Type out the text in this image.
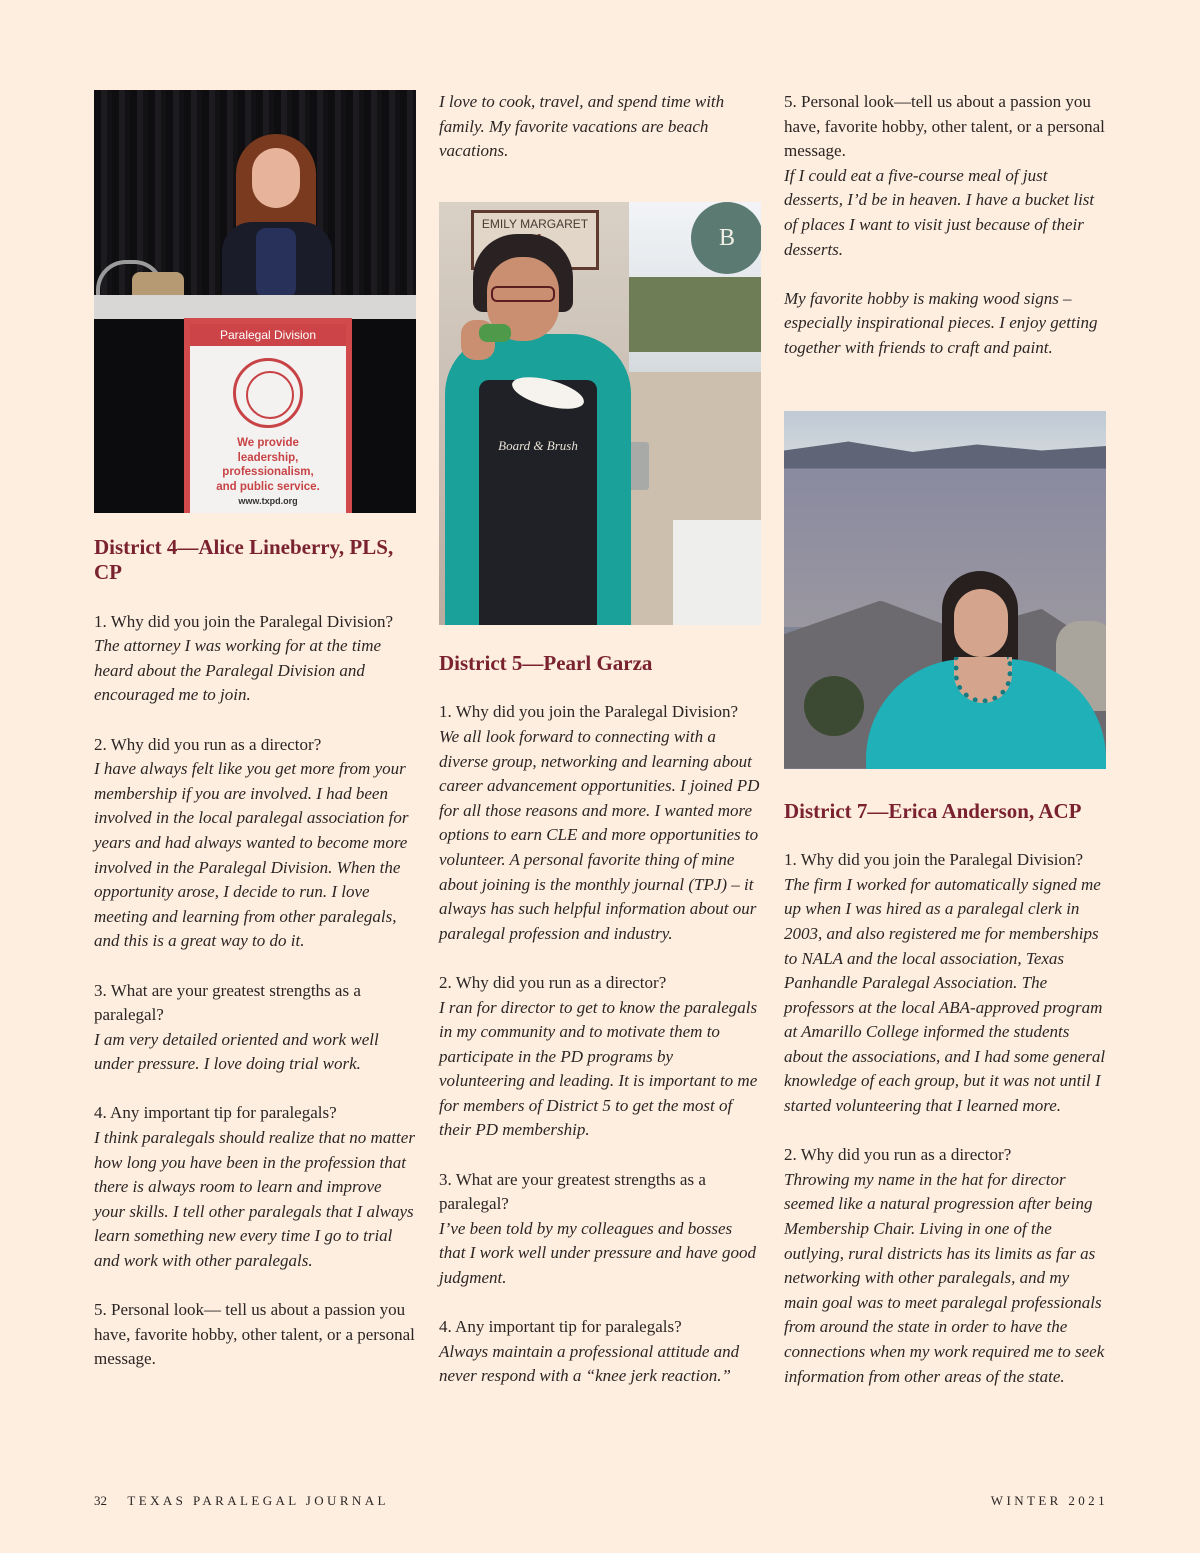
Paralegal Division
We provide
leadership,
professionalism,
and public service.
www.txpd.org
District 4—Alice Lineberry, PLS, CP

1. Why did you join the Paralegal Division?

The attorney I was working for at the time heard about the Paralegal Division and encouraged me to join.

2. Why did you run as a director?

I have always felt like you get more from your membership if you are involved. I had been involved in the local paralegal association for years and had always wanted to become more involved in the Paralegal Division. When the opportunity arose, I decide to run. I love meeting and learning from other paralegals, and this is a great way to do it.

3. What are your greatest strengths as a paralegal?

I am very detailed oriented and work well under pressure. I love doing trial work.

4. Any important tip for paralegals?

I think paralegals should realize that no matter how long you have been in the profession that there is always room to learn and improve your skills. I tell other paralegals that I always learn something new every time I go to trial and work with other paralegals.

5. Personal look— tell us about a passion you have, favorite hobby, other talent, or a personal message.

I love to cook, travel, and spend time with family. My favorite vacations are beach vacations.

EMILY MARGARET
B
Board & Brush
District 5—Pearl Garza

1. Why did you join the Paralegal Division?

We all look forward to connecting with a diverse group, networking and learning about career advancement opportunities. I joined PD for all those reasons and more. I wanted more options to earn CLE and more opportunities to volunteer. A personal favorite thing of mine about joining is the monthly journal (TPJ) – it always has such helpful information about our paralegal profession and industry.

2. Why did you run as a director?

I ran for director to get to know the paralegals in my community and to motivate them to participate in the PD programs by volunteering and leading. It is important to me for members of District 5 to get the most of their PD membership.

3. What are your greatest strengths as a paralegal?

I’ve been told by my colleagues and bosses that I work well under pressure and have good judgment.

4. Any important tip for paralegals?

Always maintain a professional attitude and never respond with a “knee jerk reaction.”

5. Personal look—tell us about a passion you have, favorite hobby, other talent, or a personal message.

If I could eat a five-course meal of just desserts, I’d be in heaven. I have a bucket list of places I want to visit just because of their desserts.

My favorite hobby is making wood signs – especially inspirational pieces. I enjoy getting together with friends to craft and paint.

District 7—Erica Anderson, ACP

1. Why did you join the Paralegal Division?

The firm I worked for automatically signed me up when I was hired as a paralegal clerk in 2003, and also registered me for memberships to NALA and the local association, Texas Panhandle Paralegal Association. The professors at the local ABA-approved program at Amarillo College informed the students about the associations, and I had some general knowledge of each group, but it was not until I started volunteering that I learned more.

2. Why did you run as a director?

Throwing my name in the hat for director seemed like a natural progression after being Membership Chair. Living in one of the outlying, rural districts has its limits as far as networking with other paralegals, and my main goal was to meet paralegal professionals from around the state in order to have the connections when my work required me to seek information from other areas of the state.

32 TEXAS PARALEGAL JOURNAL	WINTER 2021
